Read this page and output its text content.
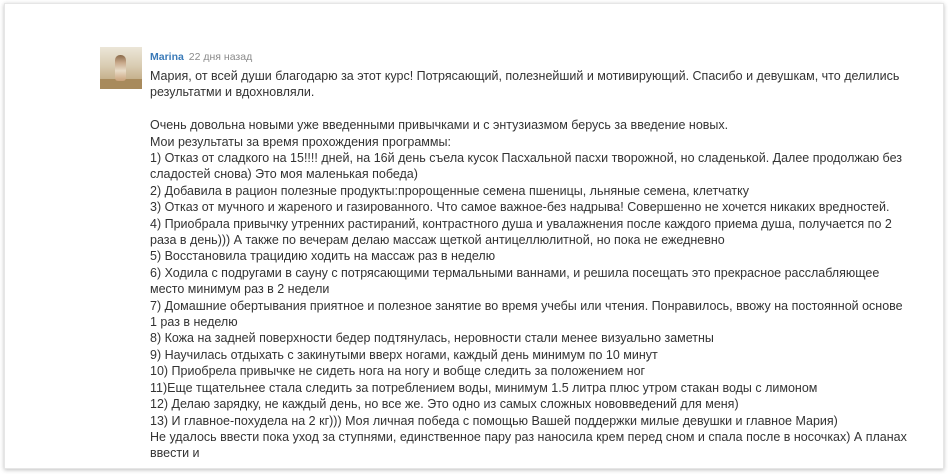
Marina 22 дня назад

Мария, от всей души благодарю за этот курс! Потрясающий, полезнейший и мотивирующий. Спасибо и девушкам, что делились результатми и вдохновляли.

Очень довольна новыми уже введенными привычками и с энтузиазмом берусь за введение новых.

Мои результаты за время прохождения программы:

1) Отказ от сладкого на 15!!!! дней, на 16й день съела кусок Пасхальной пасхи творожной, но сладенькой. Далее продолжаю без сладостей снова) Это моя маленькая победа)

2) Добавила в рацион полезные продукты:пророщенные семена пшеницы, льняные семена, клетчатку

3) Отказ от мучного и жареного и газированного. Что самое важное-без надрыва! Совершенно не хочется никаких вредностей.

4) Приобрала привычку утренних растираний, контрастного душа и увалажнения после каждого приема душа, получается по 2 раза в день))) А также по вечерам делаю массаж щеткой антицеллюлитной, но пока не ежедневно

5) Восстановила трацидию ходить на массаж раз в неделю

6) Ходила с подругами в сауну с потрясающими термальными ваннами, и решила посещать это прекрасное расслабляющее место минимум раз в 2 недели

7) Домашние обертывания приятное и полезное занятие во время учебы или чтения. Понравилось, ввожу на постоянной основе 1 раз в неделю

8) Кожа на задней поверхности бедер подтянулась, неровности стали менее визуально заметны

9) Научилась отдыхать с закинутыми вверх ногами, каждый день минимум по 10 минут

10) Приобрела привычке не сидеть нога на ногу и вобще следить за положением ног

11)Еще тщательнее стала следить за потреблением воды, минимум 1.5 литра плюс утром стакан воды с лимоном

12) Делаю зарядку, не каждый день, но все же. Это одно из самых сложных нововведений для меня)

13) И главное-похудела на 2 кг))) Моя личная победа с помощью Вашей поддержки милые девушки и главное Мария)

Не удалось ввести пока уход за ступнями, единственное пару раз наносила крем перед сном и спала после в носочках) А планах ввести и
